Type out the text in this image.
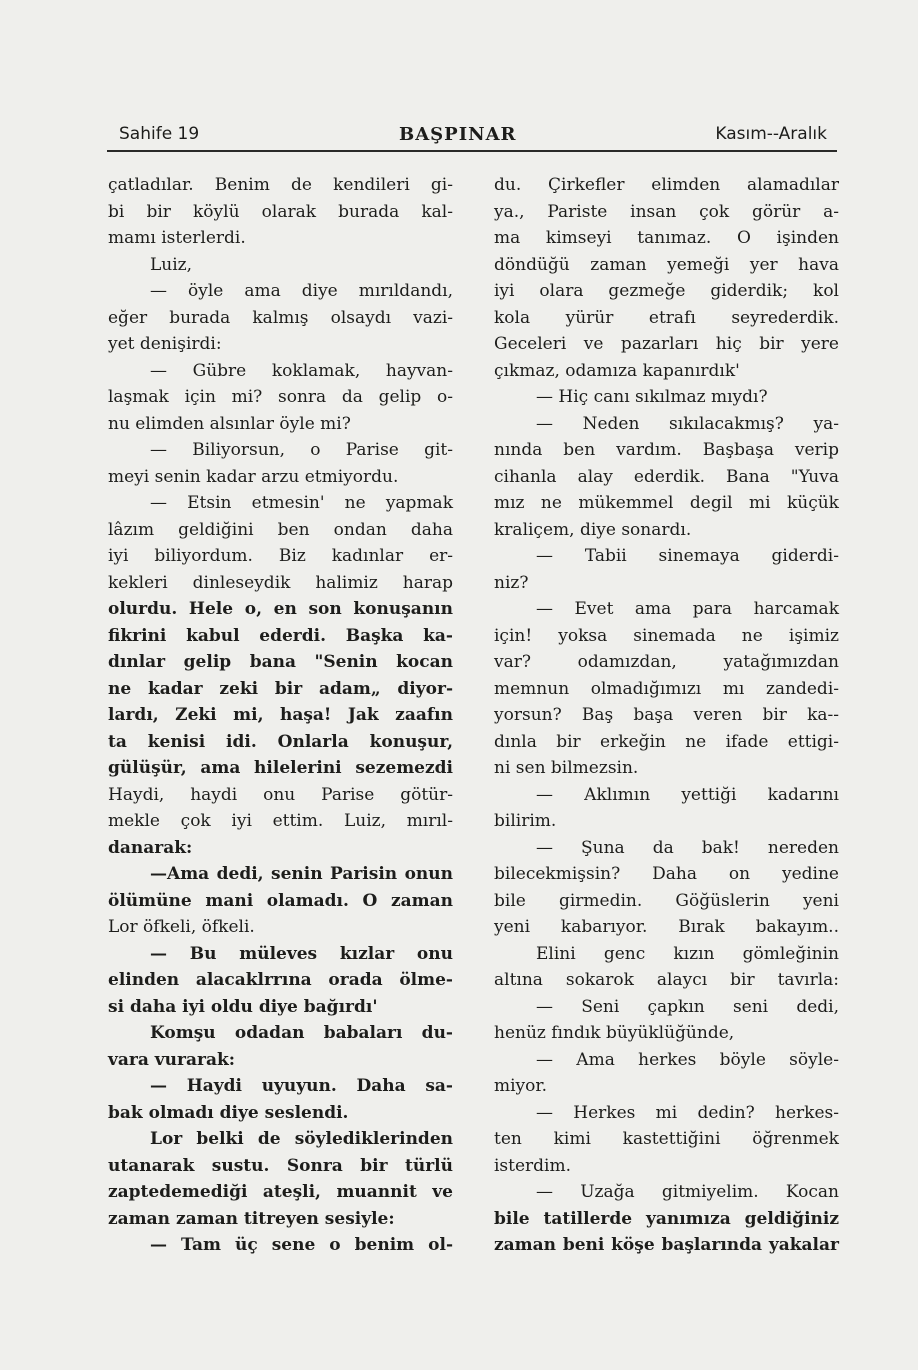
Sahife 19	BAŞPINAR	Kasım--Aralık
çatladılar. Benim de kendileri gi-
bi bir köylü olarak burada kal-
mamı isterlerdi.
Luiz,
— öyle ama diye mırıldandı,
eğer burada kalmış olsaydı vazi-
yet denişirdi:
— Gübre koklamak, hayvan-
laşmak için mi? sonra da gelip o-
nu elimden alsınlar öyle mi?
— Biliyorsun, o Parise git-
meyi senin kadar arzu etmiyordu.
— Etsin etmesin' ne yapmak
lâzım geldiğini ben ondan daha
iyi biliyordum. Biz kadınlar er-
kekleri dinleseydik halimiz harap
olurdu. Hele o, en son konuşanın
fikrini kabul ederdi. Başka ka-
dınlar gelip bana "Senin kocan
ne kadar zeki bir adam„ diyor-
lardı, Zeki mi, haşa! Jak zaafın
ta kenisi idi. Onlarla konuşur,
gülüşür, ama hilelerini sezemezdi
Haydi, haydi onu Parise götür-
mekle çok iyi ettim. Luiz, mırıl-
danarak:
—Ama dedi, senin Parisin onun
ölümüne mani olamadı. O zaman
Lor öfkeli, öfkeli.
— Bu müleves kızlar onu
elinden alacaklrrına orada ölme-
si daha iyi oldu diye bağırdı'
Komşu odadan babaları du-
vara vurarak:
— Haydi uyuyun. Daha sa-
bak olmadı diye seslendi.
Lor belki de söylediklerinden
utanarak sustu. Sonra bir türlü
zaptedemediği ateşli, muannit ve
zaman zaman titreyen sesiyle:
— Tam üç sene o benim ol-
du. Çirkefler elimden alamadılar
ya., Pariste insan çok görür a-
ma kimseyi tanımaz. O işinden
döndüğü zaman yemeği yer hava
iyi olara gezmeğe giderdik; kol
kola yürür etrafı seyrederdik.
Geceleri ve pazarları hiç bir yere
çıkmaz, odamıza kapanırdık'
— Hiç canı sıkılmaz mıydı?
— Neden sıkılacakmış? ya-
nında ben vardım. Başbaşa verip
cihanla alay ederdik. Bana "Yuva
mız ne mükemmel degil mi küçük
kraliçem, diye sonardı.
— Tabii sinemaya giderdi-
niz?
— Evet ama para harcamak
için! yoksa sinemada ne işimiz
var? odamızdan, yatağımızdan
memnun olmadığımızı mı zandedi-
yorsun? Baş başa veren bir ka--
dınla bir erkeğin ne ifade ettigi-
ni sen bilmezsin.
— Aklımın yettiği kadarını
bilirim.
— Şuna da bak! nereden
bilecekmişsin? Daha on yedine
bile girmedin. Göğüslerin yeni
yeni kabarıyor. Bırak bakayım..
Elini genc kızın gömleğinin
altına sokarok alaycı bir tavırla:
— Seni çapkın seni dedi,
henüz fındık büyüklüğünde,
— Ama herkes böyle söyle-
miyor.
— Herkes mi dedin? herkes-
ten kimi kastettiğini öğrenmek
isterdim.
— Uzağa gitmiyelim. Kocan
bile tatillerde yanımıza geldiğiniz
zaman beni köşe başlarında yakalar
